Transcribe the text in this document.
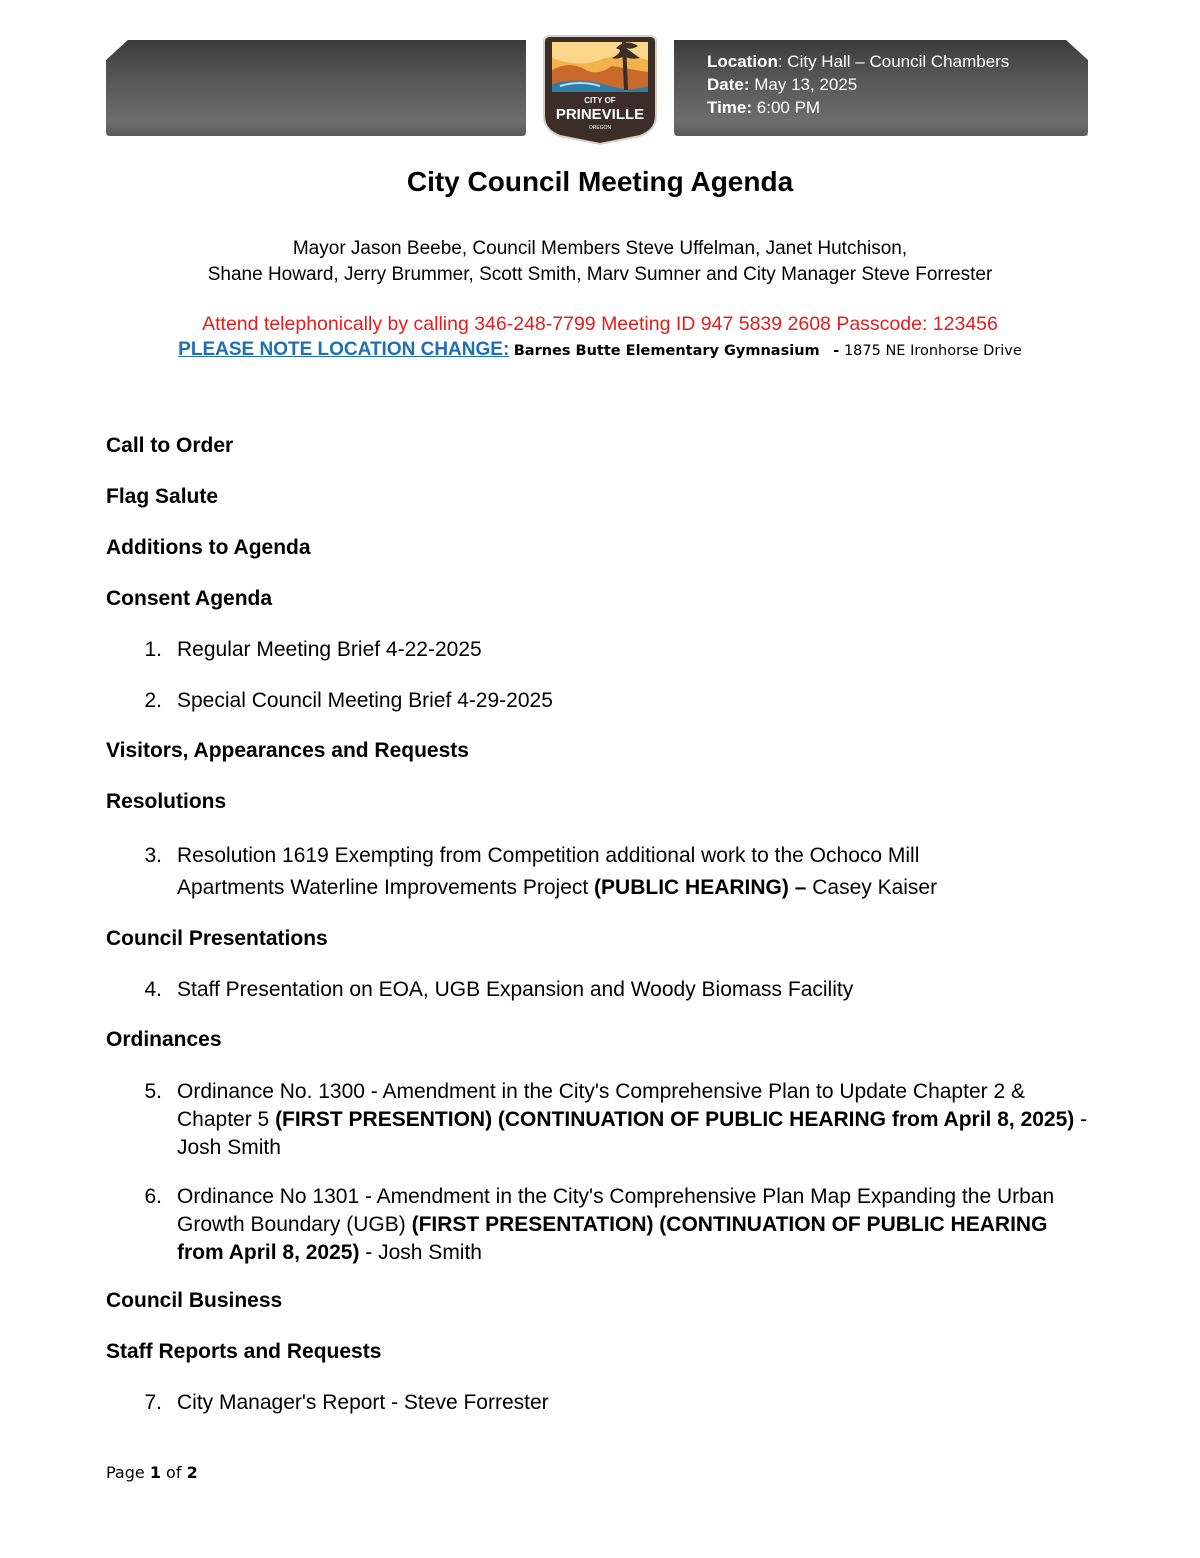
Location: City Hall – Council Chambers
Date: May 13, 2025
Time: 6:00 PM
CITY OF
PRINEVILLE
OREGON
City Council Meeting Agenda
Mayor Jason Beebe, Council Members Steve Uffelman, Janet Hutchison,
Shane Howard, Jerry Brummer, Scott Smith, Marv Sumner and City Manager Steve Forrester
Attend telephonically by calling 346-248-7799 Meeting ID 947 5839 2608 Passcode: 123456
PLEASE NOTE LOCATION CHANGE: Barnes Butte Elementary Gymnasium - 1875 NE Ironhorse Drive
Call to Order
Flag Salute
Additions to Agenda
Consent Agenda
1. Regular Meeting Brief 4-22-2025
2. Special Council Meeting Brief 4-29-2025
Visitors, Appearances and Requests
Resolutions
3. Resolution 1619 Exempting from Competition additional work to the Ochoco Mill
Apartments Waterline Improvements Project (PUBLIC HEARING) – Casey Kaiser
Council Presentations
4. Staff Presentation on EOA, UGB Expansion and Woody Biomass Facility
Ordinances
5. Ordinance No. 1300 - Amendment in the City's Comprehensive Plan to Update Chapter 2 & Chapter 5 (FIRST PRESENTION) (CONTINUATION OF PUBLIC HEARING from April 8, 2025) - Josh Smith
6. Ordinance No 1301 - Amendment in the City's Comprehensive Plan Map Expanding the Urban Growth Boundary (UGB) (FIRST PRESENTATION) (CONTINUATION OF PUBLIC HEARING from April 8, 2025) - Josh Smith
Council Business
Staff Reports and Requests
7. City Manager's Report - Steve Forrester
Page 1 of 2
